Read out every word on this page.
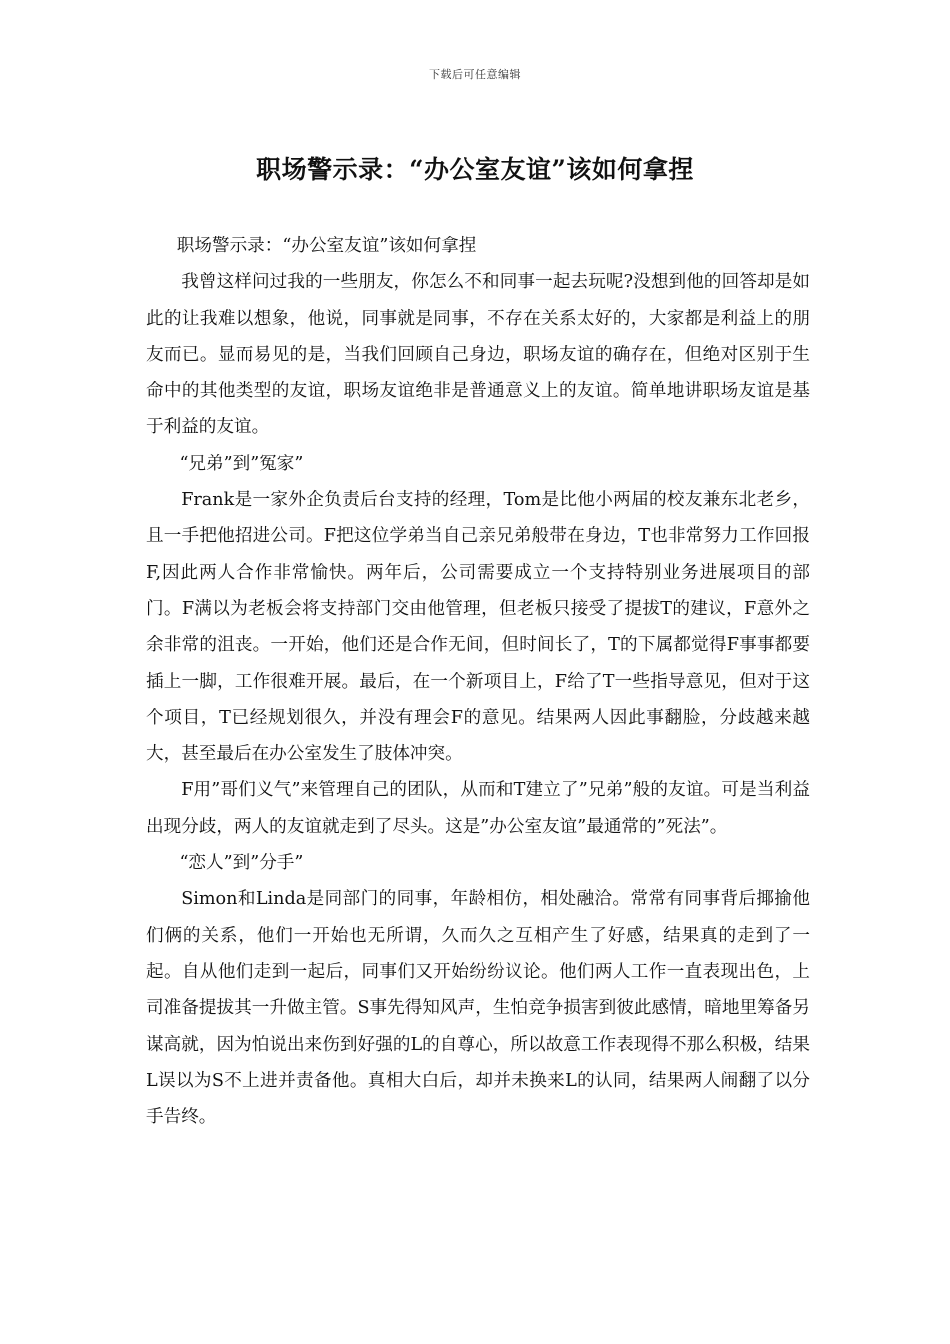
下载后可任意编辑
职场警示录：“办公室友谊”该如何拿捏

职场警示录：“办公室友谊”该如何拿捏

我曾这样问过我的一些朋友，你怎么不和同事一起去玩呢?没想到他的回答却是如此的让我难以想象，他说，同事就是同事，不存在关系太好的，大家都是利益上的朋友而已。显而易见的是，当我们回顾自己身边，职场友谊的确存在，但绝对区别于生命中的其他类型的友谊，职场友谊绝非是普通意义上的友谊。简单地讲职场友谊是基于利益的友谊。

“兄弟”到”冤家”

Frank是一家外企负责后台支持的经理，Tom是比他小两届的校友兼东北老乡，且一手把他招进公司。F把这位学弟当自己亲兄弟般带在身边，T也非常努力工作回报F,因此两人合作非常愉快。两年后，公司需要成立一个支持特别业务进展项目的部门。F满以为老板会将支持部门交由他管理，但老板只接受了提拔T的建议，F意外之余非常的沮丧。一开始，他们还是合作无间，但时间长了，T的下属都觉得F事事都要插上一脚，工作很难开展。最后，在一个新项目上，F给了T一些指导意见，但对于这个项目，T已经规划很久，并没有理会F的意见。结果两人因此事翻脸，分歧越来越大，甚至最后在办公室发生了肢体冲突。

F用”哥们义气”来管理自己的团队，从而和T建立了”兄弟”般的友谊。可是当利益出现分歧，两人的友谊就走到了尽头。这是”办公室友谊”最通常的”死法”。

“恋人”到”分手”

Simon和Linda是同部门的同事，年龄相仿，相处融洽。常常有同事背后揶揄他们俩的关系，他们一开始也无所谓，久而久之互相产生了好感，结果真的走到了一起。自从他们走到一起后，同事们又开始纷纷议论。他们两人工作一直表现出色，上司准备提拔其一升做主管。S事先得知风声，生怕竞争损害到彼此感情，暗地里筹备另谋高就，因为怕说出来伤到好强的L的自尊心，所以故意工作表现得不那么积极，结果L误以为S不上进并责备他。真相大白后，却并未换来L的认同，结果两人闹翻了以分手告终。
